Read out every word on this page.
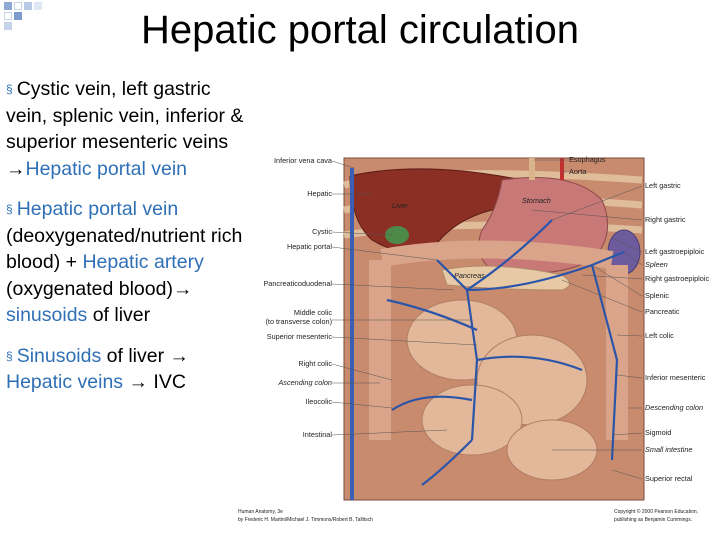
Hepatic portal circulation
§ Cystic vein, left gastric vein, splenic vein, inferior & superior mesenteric veins →Hepatic portal vein
§ Hepatic portal vein (deoxygenated/nutrient rich blood) + Hepatic artery (oxygenated blood)→ sinusoids of liver
§ Sinusoids of liver → Hepatic veins → IVC
Liver
Stomach
Pancreas
Inferior vena cava
Hepatic
Cystic
Hepatic portal
Pancreaticoduodenal
Middle colic
(to transverse colon)
Superior mesenteric
Right colic
Ascending colon
Ileocolic
Intestinal
Esophagus
Aorta
Left gastric
Right gastric
Left gastroepiploic
Spleen
Right gastroepiploic
Splenic
Pancreatic
Left colic
Inferior mesenteric
Descending colon
Sigmoid
Small intestine
Superior rectal
Human Anatomy, 3e
by Frederic H. Martini/Michael J. Timmons/Robert B. Tallitsch
Copyright © 2000 Pearson Education,
publishing as Benjamin Cummings.
